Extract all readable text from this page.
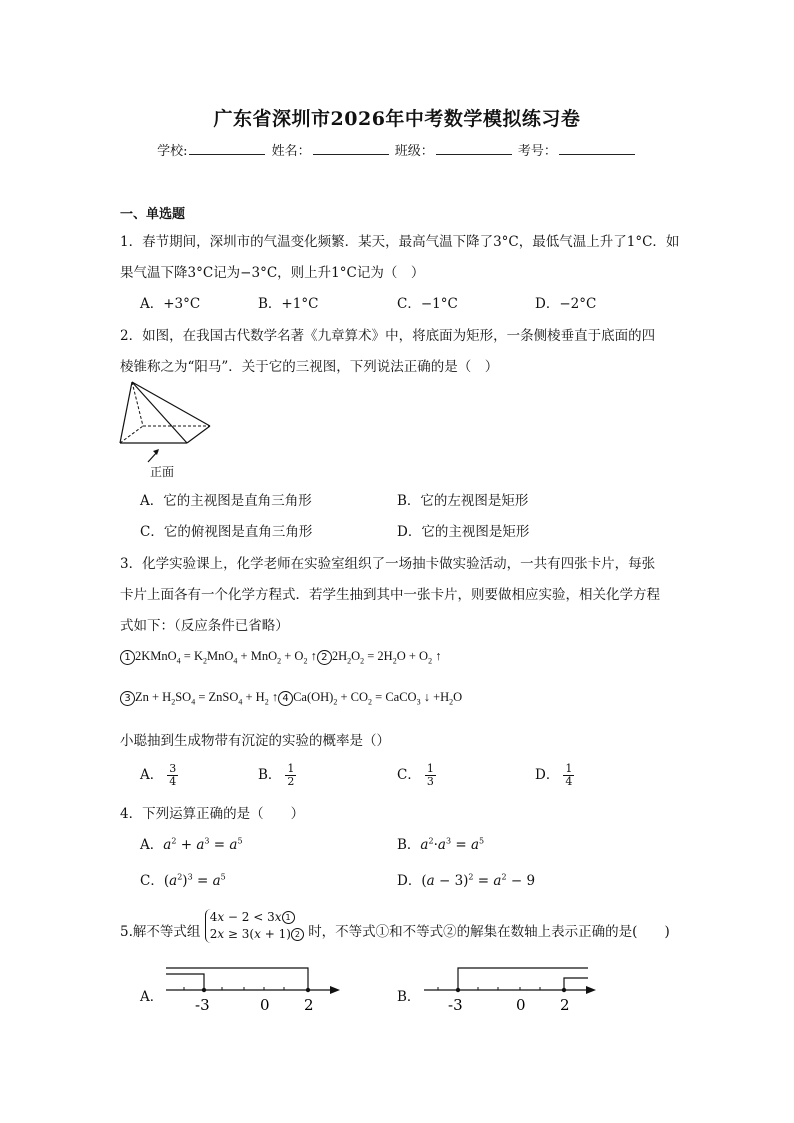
广东省深圳市2026年中考数学模拟练习卷
学校:	姓名：	班级：	考号：
一、单选题
1．春节期间，深圳市的气温变化频繁．某天，最高气温下降了3°C，最低气温上升了1°C．如
果气温下降3°C记为−3°C，则上升1°C记为（　）
A．+3°C	B．+1°C	C．−1°C	D．−2°C
2．如图，在我国古代数学名著《九章算术》中，将底面为矩形，一条侧棱垂直于底面的四
棱锥称之为“阳马”．关于它的三视图，下列说法正确的是（　）
正面
A．它的主视图是直角三角形	B．它的左视图是矩形
C．它的俯视图是直角三角形	D．它的主视图是矩形
3．化学实验课上，化学老师在实验室组织了一场抽卡做实验活动，一共有四张卡片，每张
卡片上面各有一个化学方程式．若学生抽到其中一张卡片，则要做相应实验，相关化学方程
式如下：（反应条件已省略）
1 2KMnO$_4$ = $K_2MnO_4 + MnO_2 + O_2$ ↑ 2 $2H_2O_2 = 2H_2O + O_2$ ↑
3 $Zn + H_2SO_4$ = ZnSO$_4$ + $H_2$ ↑ 4 $Ca(OH)_2 + CO_2$ = CaCO$_3$ ↓ $+H_2O$
小聪抽到生成物带有沉淀的实验的概率是（）
A． $\frac{3}{4}$	B． $\frac{1}{2}$	C． $\frac{1}{3}$	D． $\frac{1}{4}$
4．下列运算正确的是（　　）
A．$a^2 + a^3 = a^5$	B．$a^2\cdot a^3 = a^5$
C．$(a^2)^3 = a^5$	D．$(a - 3)^2 = a^2 - 9$
5.解不等式组
4x − 2 < 3x 1
2x ≥ 3(x + 1) 2 时，不等式①和不等式②的解集在数轴上表示正确的是(　　)
A． -3	0 2	B． -3	0 2
